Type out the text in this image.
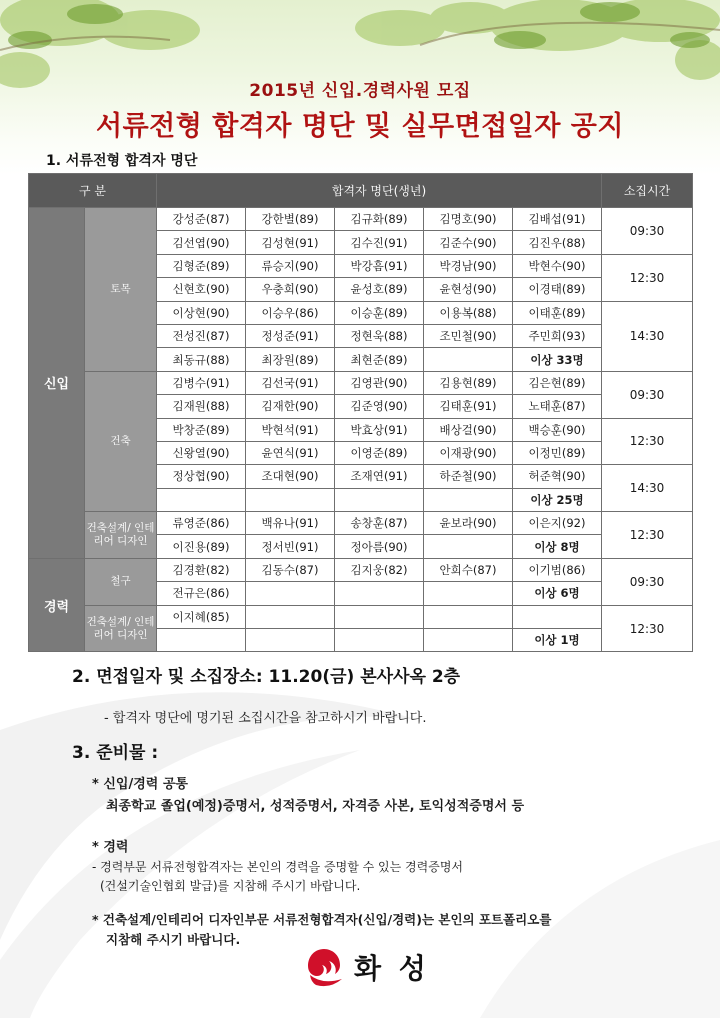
2015년 신입.경력사원 모집
서류전형 합격자 명단 및 실무면접일자 공지
1. 서류전형 합격자 명단
구 분		합격자 명단(생년)					소집시간
신입	토목	강성준(87)	강한별(89)	김규화(89)	김명호(90)	김배섭(91)	09:30
		김선엽(90)	김성현(91)	김수진(91)	김준수(90)	김진우(88)	
		김형준(89)	류승지(90)	박강흠(91)	박경남(90)	박현수(90)	12:30
		신현호(90)	우충희(90)	윤성호(89)	윤현성(90)	이경태(89)	
		이상현(90)	이승우(86)	이승훈(89)	이용복(88)	이태훈(89)	14:30
		전성진(87)	정성준(91)	정현욱(88)	조민철(90)	주민희(93)	
		최동규(88)	최장원(89)	최현준(89)		이상 33명	
	건축	김병수(91)	김선국(91)	김영관(90)	김용현(89)	김은현(89)	09:30
		김재원(88)	김재한(90)	김준영(90)	김태훈(91)	노태훈(87)	
		박창준(89)	박현석(91)	박효상(91)	배상걸(90)	백승훈(90)	12:30
		신왕열(90)	윤연식(91)	이영준(89)	이재광(90)	이정민(89)	
		정상협(90)	조대현(90)	조재연(91)	하준철(90)	허준혁(90)	14:30
						이상 25명	
	건축설계/ 인테리어 디자인	류영준(86)	백유나(91)	송창훈(87)	윤보라(90)	이은지(92)	12:30
		이진용(89)	정서빈(91)	정아름(90)		이상 8명	
경력	철구	김경환(82)	김동수(87)	김지웅(82)	안희수(87)	이기범(86)	09:30
		전규은(86)				이상 6명	
	건축설계/ 인테리어 디자인	이지혜(85)					12:30
						이상 1명	
2. 면접일자 및 소집장소: 11.20(금) 본사사옥 2층
- 합격자 명단에 명기된 소집시간을 참고하시기 바랍니다.
3. 준비물 :
* 신입/경력 공통
최종학교 졸업(예정)증명서, 성적증명서, 자격증 사본, 토익성적증명서 등
* 경력
- 경력부문 서류전형합격자는 본인의 경력을 증명할 수 있는 경력증명서
(건설기술인협회 발급)를 지참해 주시기 바랍니다.
* 건축설계/인테리어 디자인부문 서류전형합격자(신입/경력)는 본인의 포트폴리오를
지참해 주시기 바랍니다.
화 성
